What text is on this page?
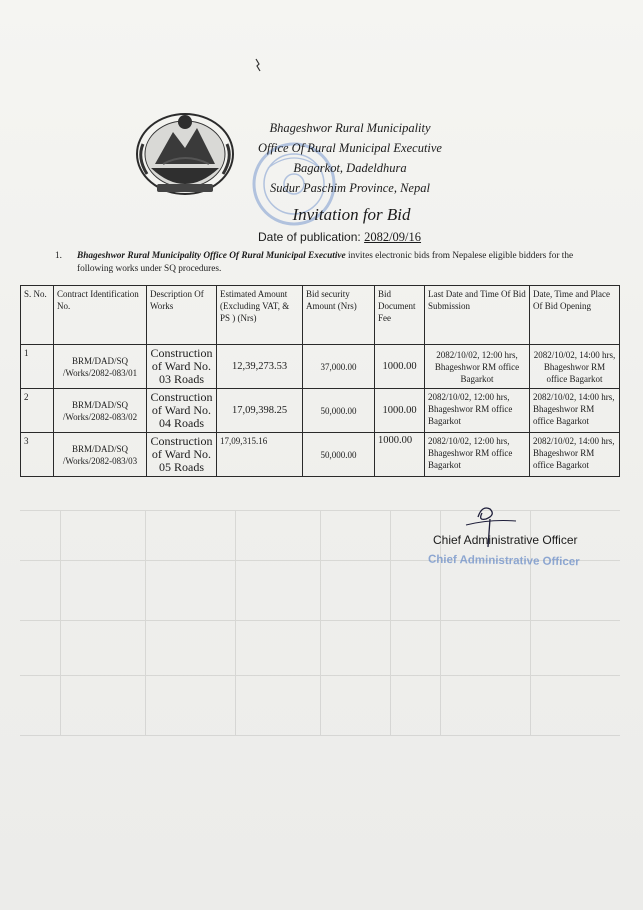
Bhageshwor Rural Municipality
Office Of Rural Municipal Executive
Bagarkot, Dadeldhura
Sudur Paschim Province, Nepal
Invitation for Bid
Date of publication: 2082/09/16
1.	Bhageshwor Rural Municipality Office Of Rural Municipal Executive invites electronic bids from Nepalese eligible bidders for the following works under SQ procedures.
S. No.	Contract Identification No.	Description Of Works	Estimated Amount (Excluding VAT, & PS ) (Nrs)	Bid security Amount (Nrs)	Bid Document Fee	Last Date and Time Of Bid Submission	Date, Time and Place Of Bid Opening
1	BRM/DAD/SQ /Works/2082-083/01	Construction of Ward No. 03 Roads	12,39,273.53	37,000.00	1000.00	2082/10/02, 12:00 hrs, Bhageshwor RM office Bagarkot	2082/10/02, 14:00 hrs, Bhageshwor RM office Bagarkot
2	BRM/DAD/SQ /Works/2082-083/02	Construction of Ward No. 04 Roads	17,09,398.25	50,000.00	1000.00	2082/10/02, 12:00 hrs, Bhageshwor RM office Bagarkot	2082/10/02, 14:00 hrs, Bhageshwor RM office Bagarkot
3	BRM/DAD/SQ /Works/2082-083/03	Construction of Ward No. 05 Roads	17,09,315.16	50,000.00	1000.00	2082/10/02, 12:00 hrs, Bhageshwor RM office Bagarkot	2082/10/02, 14:00 hrs, Bhageshwor RM office Bagarkot
Chief Administrative Officer
Chief Administrative Officer
